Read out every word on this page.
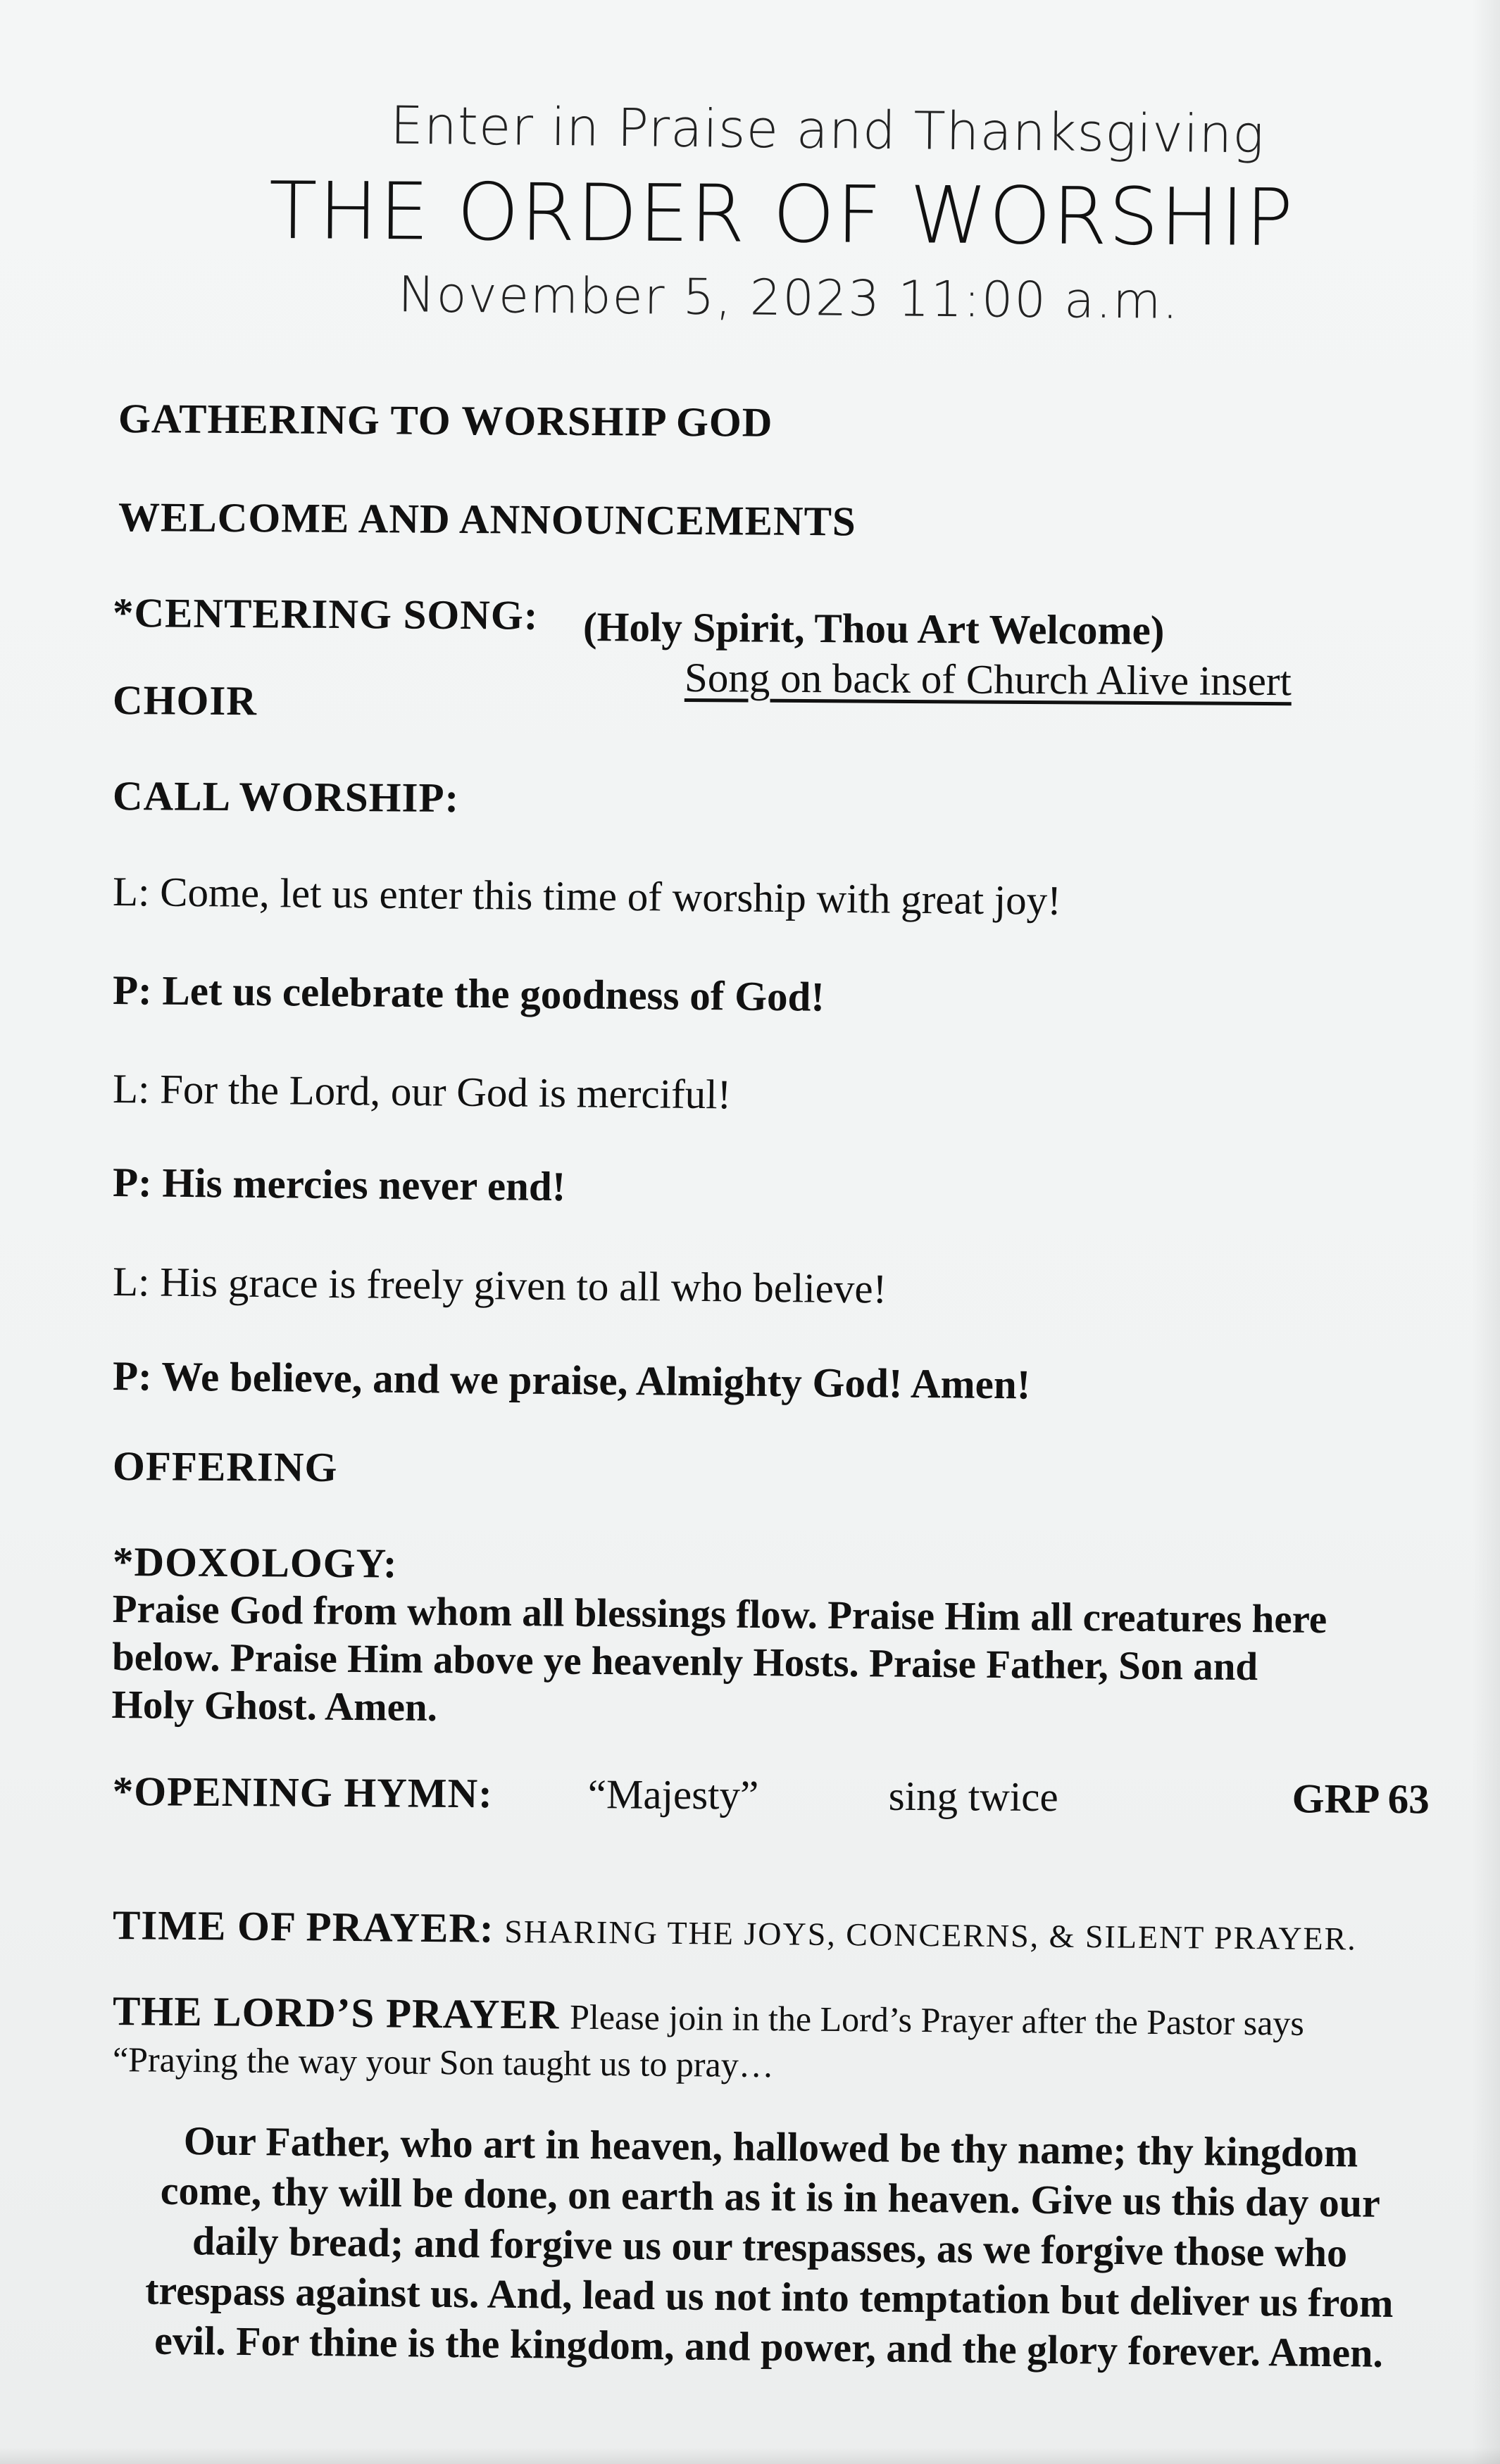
Enter in Praise and Thanksgiving
THE ORDER OF WORSHIP
November 5, 2023 11:00 a.m.
GATHERING TO WORSHIP GOD
WELCOME AND ANNOUNCEMENTS
*CENTERING SONG: (Holy Spirit, Thou Art Welcome)
Song on back of Church Alive insert
CHOIR
CALL WORSHIP:
L: Come, let us enter this time of worship with great joy!
P: Let us celebrate the goodness of God!
L: For the Lord, our God is merciful!
P: His mercies never end!
L: His grace is freely given to all who believe!
P: We believe, and we praise, Almighty God! Amen!
OFFERING
*DOXOLOGY:
Praise God from whom all blessings flow. Praise Him all creatures here
below. Praise Him above ye heavenly Hosts. Praise Father, Son and
Holy Ghost. Amen.
*OPENING HYMN: “Majesty”	sing twice	GRP 63
TIME OF PRAYER: SHARING THE JOYS, CONCERNS, & SILENT PRAYER.
THE LORD’S PRAYER Please join in the Lord’s Prayer after the Pastor says
“Praying the way your Son taught us to pray…
Our Father, who art in heaven, hallowed be thy name; thy kingdom
come, thy will be done, on earth as it is in heaven. Give us this day our
daily bread; and forgive us our trespasses, as we forgive those who
trespass against us. And, lead us not into temptation but deliver us from
evil. For thine is the kingdom, and power, and the glory forever. Amen.
